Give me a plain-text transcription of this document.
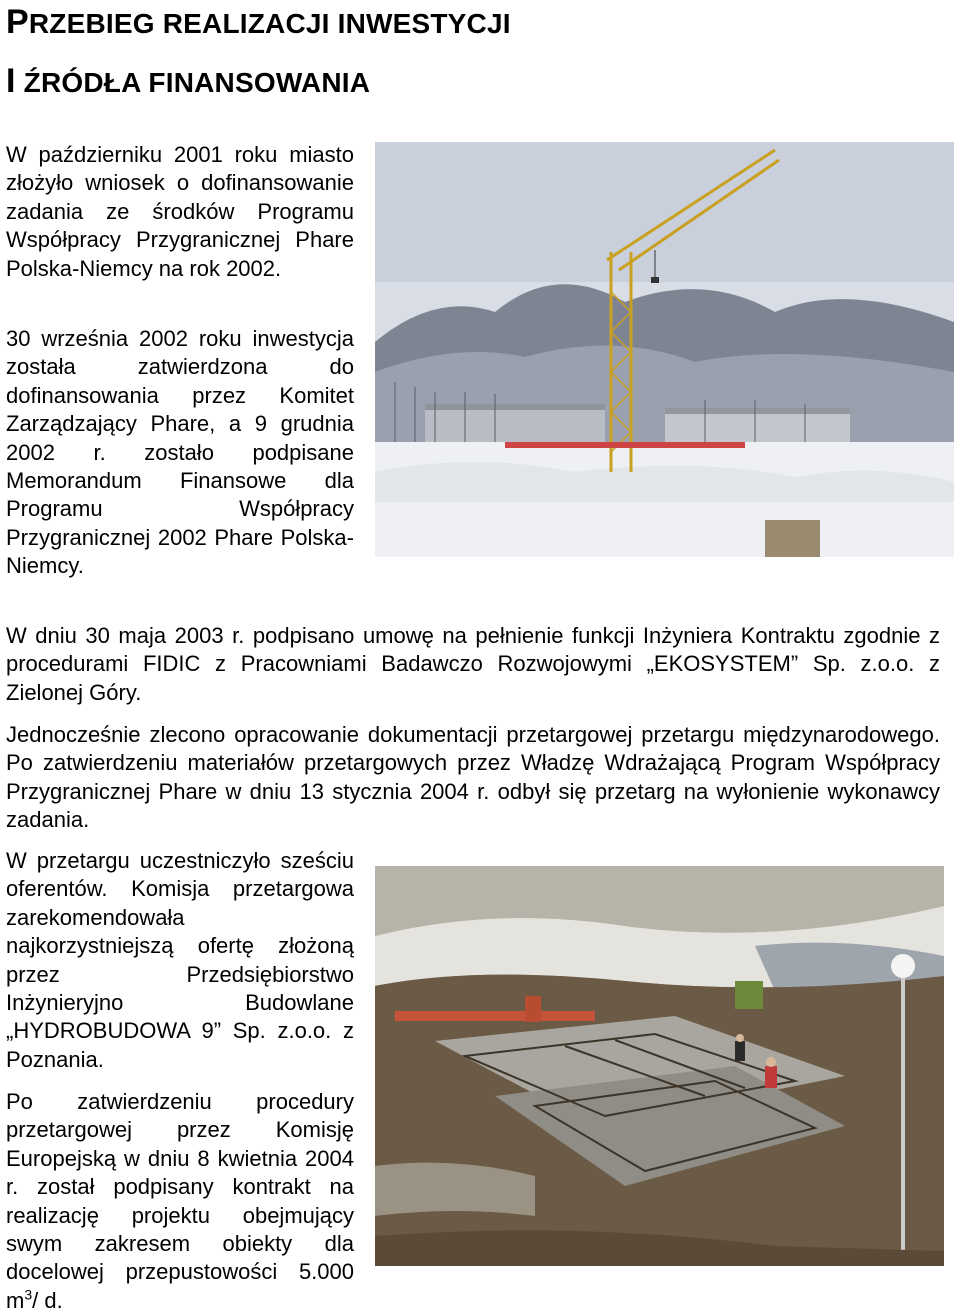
PRZEBIEG REALIZACJI INWESTYCJI
I ŹRÓDŁA FINANSOWANIA

W październiku 2001 roku miasto złożyło wniosek o dofinansowanie zadania ze środków Programu Współpracy Przygranicznej Phare Polska-Niemcy na rok 2002.

30 września 2002 roku inwestycja została zatwierdzona do dofinansowania przez Komitet Zarządzający Phare, a 9 grudnia 2002 r. zostało podpisane Memorandum Finansowe dla Programu Współpracy Przygranicznej 2002 Phare Polska-Niemcy.

W dniu 30 maja 2003 r. podpisano umowę na pełnienie funkcji Inżyniera Kontraktu zgodnie z procedurami FIDIC z Pracowniami Badawczo Rozwojowymi „EKOSYSTEM” Sp. z.o.o. z Zielonej Góry.

Jednocześnie zlecono opracowanie dokumentacji przetargowej przetargu międzynarodowego. Po zatwierdzeniu materiałów przetargowych przez Władzę Wdrażającą Program Współpracy Przygranicznej Phare w dniu 13 stycznia 2004 r. odbył się przetarg na wyłonienie wykonawcy zadania.

W przetargu uczestniczyło sześciu oferentów. Komisja przetargowa zarekomendowała najkorzystniejszą ofertę złożoną przez Przedsiębiorstwo Inżynieryjno Budowlane „HYDROBUDOWA 9” Sp. z.o.o. z Poznania.

Po zatwierdzeniu procedury przetargowej przez Komisję Europejską w dniu 8 kwietnia 2004 r. został podpisany kontrakt na realizację projektu obejmujący swym zakresem obiekty dla docelowej przepustowości 5.000 $m^3/$ d.
